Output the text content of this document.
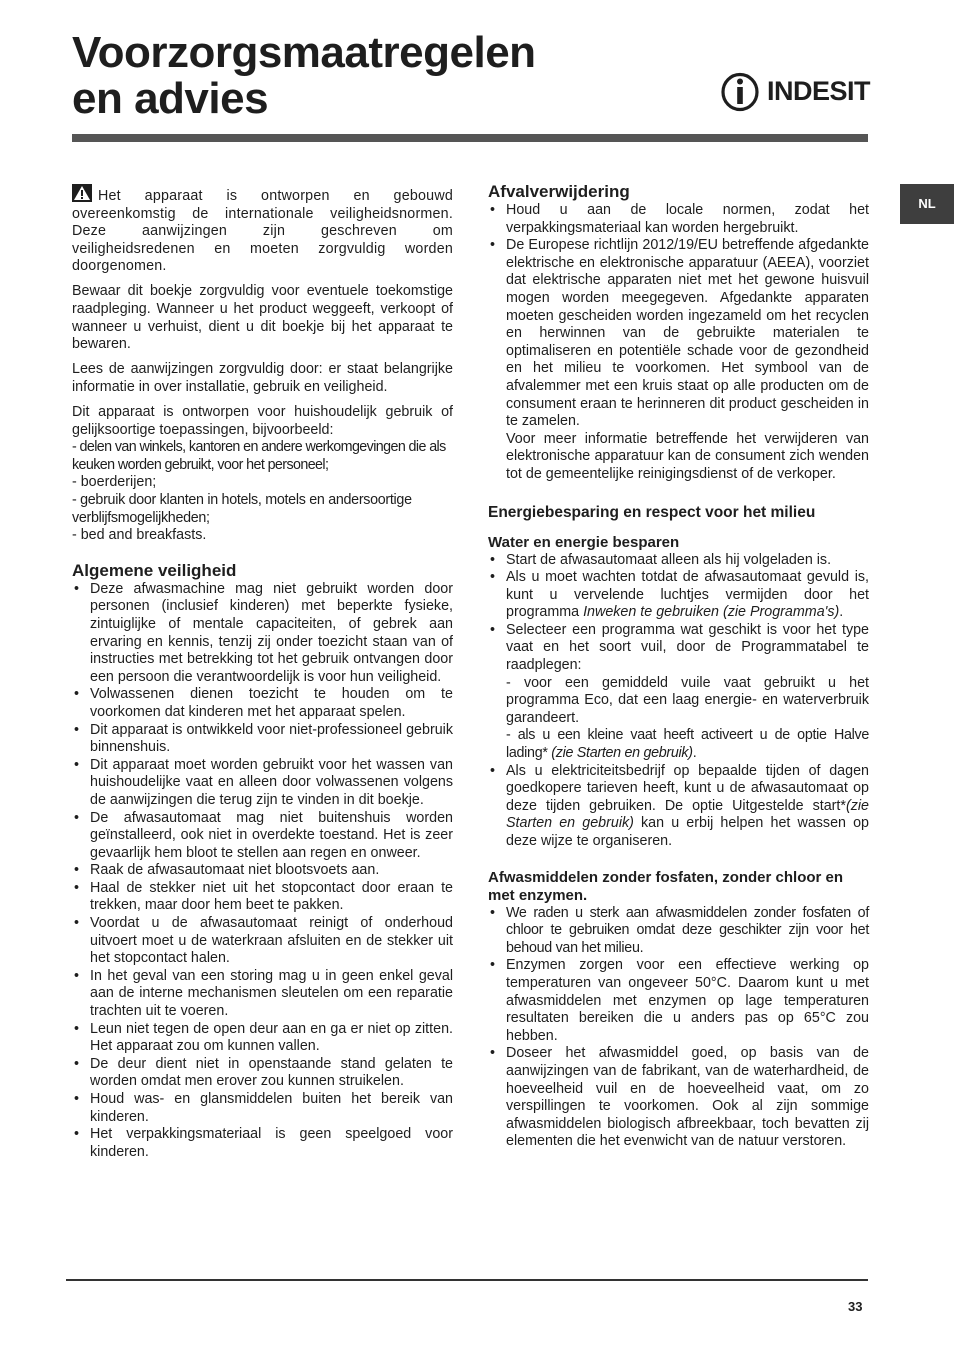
Voorzorgsmaatregelen
en advies	INDESIT
NL

Het apparaat is ontworpen en gebouwd overeenkomstig de internationale veiligheidsnormen. Deze aanwijzingen zijn geschreven om veiligheidsredenen en moeten zorgvuldig worden doorgenomen.

Bewaar dit boekje zorgvuldig voor eventuele toekomstige raadpleging. Wanneer u het product weggeeft, verkoopt of wanneer u verhuist, dient u dit boekje bij het apparaat te bewaren.

Lees de aanwijzingen zorgvuldig door: er staat belangrijke informatie in over installatie, gebruik en veiligheid.

Dit apparaat is ontworpen voor huishoudelijk gebruik of gelijksoortige toepassingen, bijvoorbeeld:

- delen van winkels, kantoren en andere werkomgevingen die als keuken worden gebruikt, voor het personeel;
- boerderijen;
- gebruik door klanten in hotels, motels en andersoortige verblijfsmogelijkheden;
- bed and breakfasts.
Algemene veiligheid
• Deze afwasmachine mag niet gebruikt worden door personen (inclusief kinderen) met beperkte fysieke, zintuiglijke of mentale capaciteiten, of gebrek aan ervaring en kennis, tenzij zij onder toezicht staan van of instructies met betrekking tot het gebruik ontvangen door een persoon die verantwoordelijk is voor hun veiligheid.
• Volwassenen dienen toezicht te houden om te voorkomen dat kinderen met het apparaat spelen.
• Dit apparaat is ontwikkeld voor niet-professioneel gebruik binnenshuis.
• Dit apparaat moet worden gebruikt voor het wassen van huishoudelijke vaat en alleen door volwassenen volgens de aanwijzingen die terug zijn te vinden in dit boekje.
• De afwasautomaat mag niet buitenshuis worden geïnstalleerd, ook niet in overdekte toestand. Het is zeer gevaarlijk hem bloot te stellen aan regen en onweer.
• Raak de afwasautomaat niet blootsvoets aan.
• Haal de stekker niet uit het stopcontact door eraan te trekken, maar door hem beet te pakken.
• Voordat u de afwasautomaat reinigt of onderhoud uitvoert moet u de waterkraan afsluiten en de stekker uit het stopcontact halen.
• In het geval van een storing mag u in geen enkel geval aan de interne mechanismen sleutelen om een reparatie trachten uit te voeren.
• Leun niet tegen de open deur aan en ga er niet op zitten. Het apparaat zou om kunnen vallen.
• De deur dient niet in openstaande stand gelaten te worden omdat men erover zou kunnen struikelen.
• Houd was- en glansmiddelen buiten het bereik van kinderen.
• Het verpakkingsmateriaal is geen speelgoed voor kinderen.
Afvalverwijdering
• Houd u aan de locale normen, zodat het verpakkingsmateriaal kan worden hergebruikt.
• De Europese richtlijn 2012/19/EU betreffende afgedankte elektrische en elektronische apparatuur (AEEA), voorziet dat elektrische apparaten niet met het gewone huisvuil mogen worden meegegeven. Afgedankte apparaten moeten gescheiden worden ingezameld om het recyclen en herwinnen van de gebruikte materialen te optimaliseren en potentiële schade voor de gezondheid en het milieu te voorkomen. Het symbool van de afvalemmer met een kruis staat op alle producten om de consument eraan te herinneren dit product gescheiden in te zamelen.
Voor meer informatie betreffende het verwijderen van elektronische apparatuur kan de consument zich wenden tot de gemeentelijke reinigingsdienst of de verkoper.
Energiebesparing en respect voor het milieu
Water en energie besparen
• Start de afwasautomaat alleen als hij volgeladen is.
• Als u moet wachten totdat de afwasautomaat gevuld is, kunt u vervelende luchtjes vermijden door het programma Inweken te gebruiken (zie Programma's).
• Selecteer een programma wat geschikt is voor het type vaat en het soort vuil, door de Programmatabel te raadplegen:
- voor een gemiddeld vuile vaat gebruikt u het programma Eco, dat een laag energie- en waterverbruik garandeert.
- als u een kleine vaat heeft activeert u de optie Halve lading* (zie Starten en gebruik).
• Als u elektriciteitsbedrijf op bepaalde tijden of dagen goedkopere tarieven heeft, kunt u de afwasautomaat op deze tijden gebruiken. De optie Uitgestelde start*(zie Starten en gebruik) kan u erbij helpen het wassen op deze wijze te organiseren.
Afwasmiddelen zonder fosfaten, zonder chloor en met enzymen.
• We raden u sterk aan afwasmiddelen zonder fosfaten of chloor te gebruiken omdat deze geschikter zijn voor het behoud van het milieu.
• Enzymen zorgen voor een effectieve werking op temperaturen van ongeveer 50°C. Daarom kunt u met afwasmiddelen met enzymen op lage temperaturen resultaten bereiken die u anders pas op 65°C zou hebben.
• Doseer het afwasmiddel goed, op basis van de aanwijzingen van de fabrikant, van de waterhardheid, de hoeveelheid vuil en de hoeveelheid vaat, om zo verspillingen te voorkomen. Ook al zijn sommige afwasmiddelen biologisch afbreekbaar, toch bevatten zij elementen die het evenwicht van de natuur verstoren.
33
